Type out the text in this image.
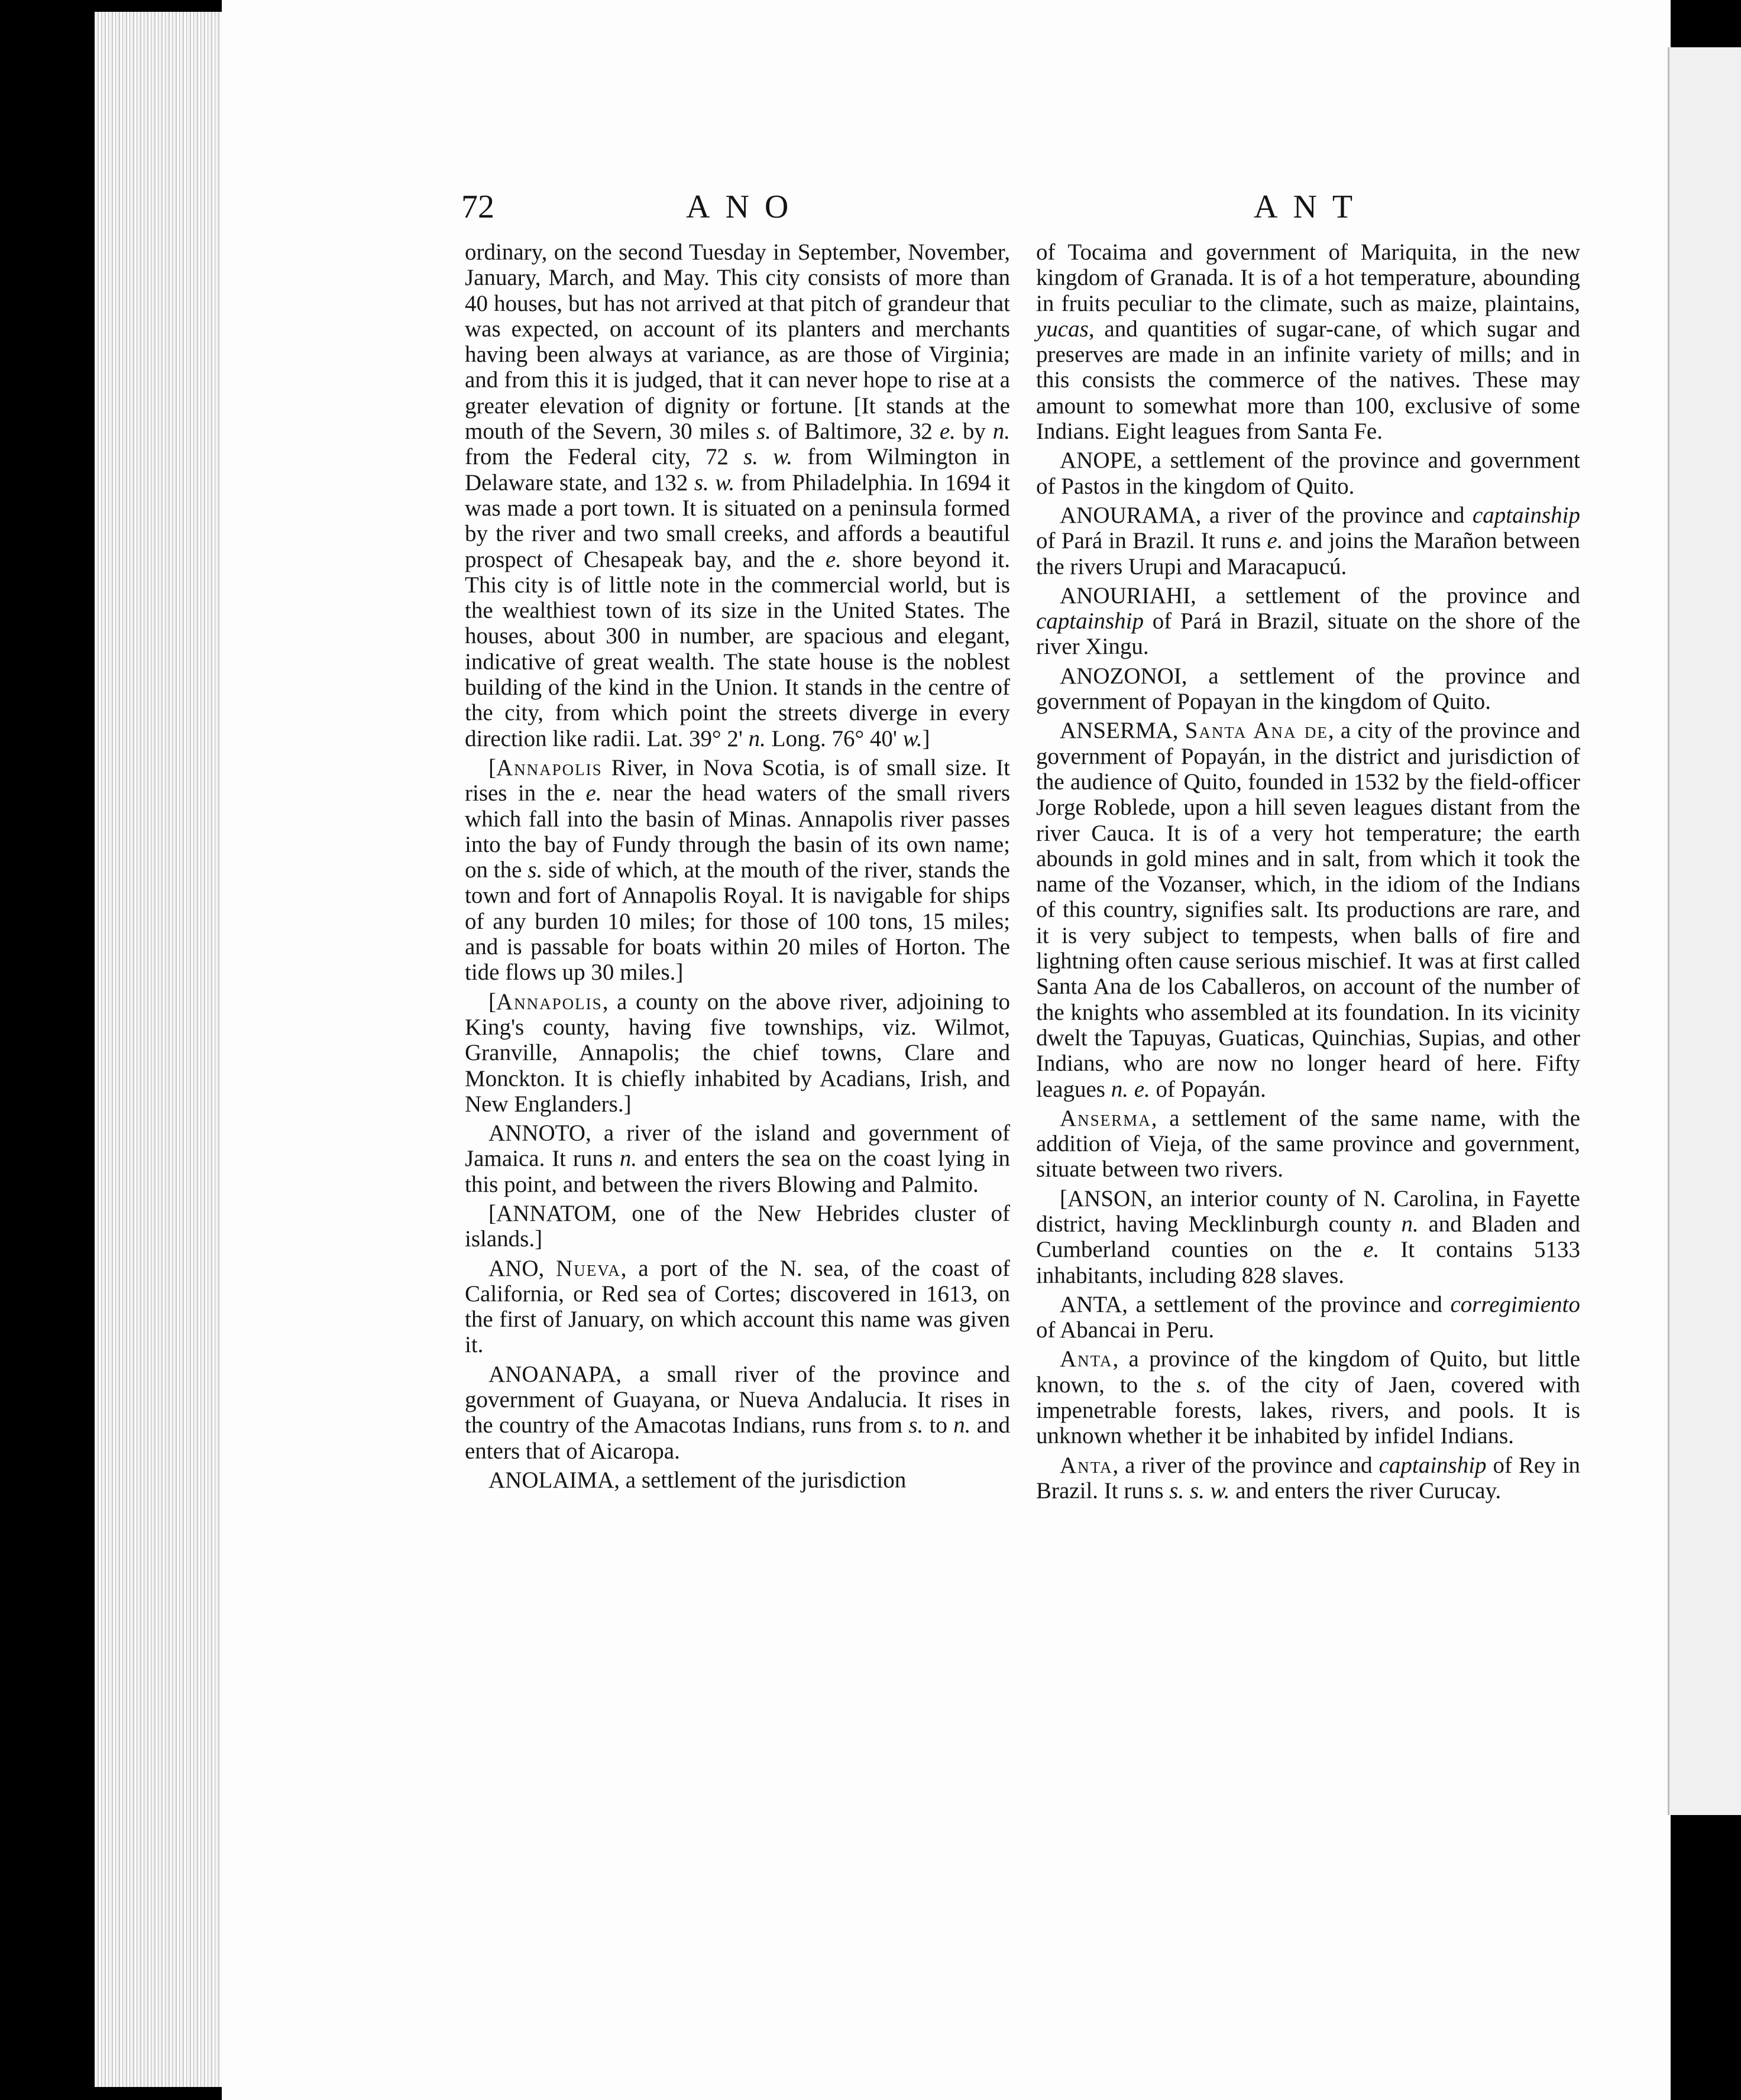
72	ANO	ANT

ordinary, on the second Tuesday in September, November, January, March, and May. This city consists of more than 40 houses, but has not arrived at that pitch of grandeur that was expected, on account of its planters and merchants having been always at variance, as are those of Virginia; and from this it is judged, that it can never hope to rise at a greater elevation of dignity or fortune. [It stands at the mouth of the Severn, 30 miles s. of Baltimore, 32 e. by n. from the Federal city, 72 s. w. from Wilmington in Delaware state, and 132 s. w. from Philadelphia. In 1694 it was made a port town. It is situated on a peninsula formed by the river and two small creeks, and affords a beautiful prospect of Chesapeak bay, and the e. shore beyond it. This city is of little note in the commercial world, but is the wealthiest town of its size in the United States. The houses, about 300 in number, are spacious and elegant, indicative of great wealth. The state house is the noblest building of the kind in the Union. It stands in the centre of the city, from which point the streets diverge in every direction like radii. Lat. 39° 2' n. Long. 76° 40' w.]

[Annapolis River, in Nova Scotia, is of small size. It rises in the e. near the head waters of the small rivers which fall into the basin of Minas. Annapolis river passes into the bay of Fundy through the basin of its own name; on the s. side of which, at the mouth of the river, stands the town and fort of Annapolis Royal. It is navigable for ships of any burden 10 miles; for those of 100 tons, 15 miles; and is passable for boats within 20 miles of Horton. The tide flows up 30 miles.]

[Annapolis, a county on the above river, adjoining to King's county, having five townships, viz. Wilmot, Granville, Annapolis; the chief towns, Clare and Monckton. It is chiefly inhabited by Acadians, Irish, and New Englanders.]

ANNOTO, a river of the island and government of Jamaica. It runs n. and enters the sea on the coast lying in this point, and between the rivers Blowing and Palmito.

[ANNATOM, one of the New Hebrides cluster of islands.]

ANO, Nueva, a port of the N. sea, of the coast of California, or Red sea of Cortes; discovered in 1613, on the first of January, on which account this name was given it.

ANOANAPA, a small river of the province and government of Guayana, or Nueva Andalucia. It rises in the country of the Amacotas Indians, runs from s. to n. and enters that of Aicaropa.

ANOLAIMA, a settlement of the jurisdiction

of Tocaima and government of Mariquita, in the new kingdom of Granada. It is of a hot temperature, abounding in fruits peculiar to the climate, such as maize, plaintains, yucas, and quantities of sugar-cane, of which sugar and preserves are made in an infinite variety of mills; and in this consists the commerce of the natives. These may amount to somewhat more than 100, exclusive of some Indians. Eight leagues from Santa Fe.

ANOPE, a settlement of the province and government of Pastos in the kingdom of Quito.

ANOURAMA, a river of the province and captainship of Pará in Brazil. It runs e. and joins the Marañon between the rivers Urupi and Maracapucú.

ANOURIAHI, a settlement of the province and captainship of Pará in Brazil, situate on the shore of the river Xingu.

ANOZONOI, a settlement of the province and government of Popayan in the kingdom of Quito.

ANSERMA, Santa Ana de, a city of the province and government of Popayán, in the district and jurisdiction of the audience of Quito, founded in 1532 by the field-officer Jorge Roblede, upon a hill seven leagues distant from the river Cauca. It is of a very hot temperature; the earth abounds in gold mines and in salt, from which it took the name of the Vozanser, which, in the idiom of the Indians of this country, signifies salt. Its productions are rare, and it is very subject to tempests, when balls of fire and lightning often cause serious mischief. It was at first called Santa Ana de los Caballeros, on account of the number of the knights who assembled at its foundation. In its vicinity dwelt the Tapuyas, Guaticas, Quinchias, Supias, and other Indians, who are now no longer heard of here. Fifty leagues n. e. of Popayán.

Anserma, a settlement of the same name, with the addition of Vieja, of the same province and government, situate between two rivers.

[ANSON, an interior county of N. Carolina, in Fayette district, having Mecklinburgh county n. and Bladen and Cumberland counties on the e. It contains 5133 inhabitants, including 828 slaves.

ANTA, a settlement of the province and corregimiento of Abancai in Peru.

Anta, a province of the kingdom of Quito, but little known, to the s. of the city of Jaen, covered with impenetrable forests, lakes, rivers, and pools. It is unknown whether it be inhabited by infidel Indians.

Anta, a river of the province and captainship of Rey in Brazil. It runs s. s. w. and enters the river Curucay.
